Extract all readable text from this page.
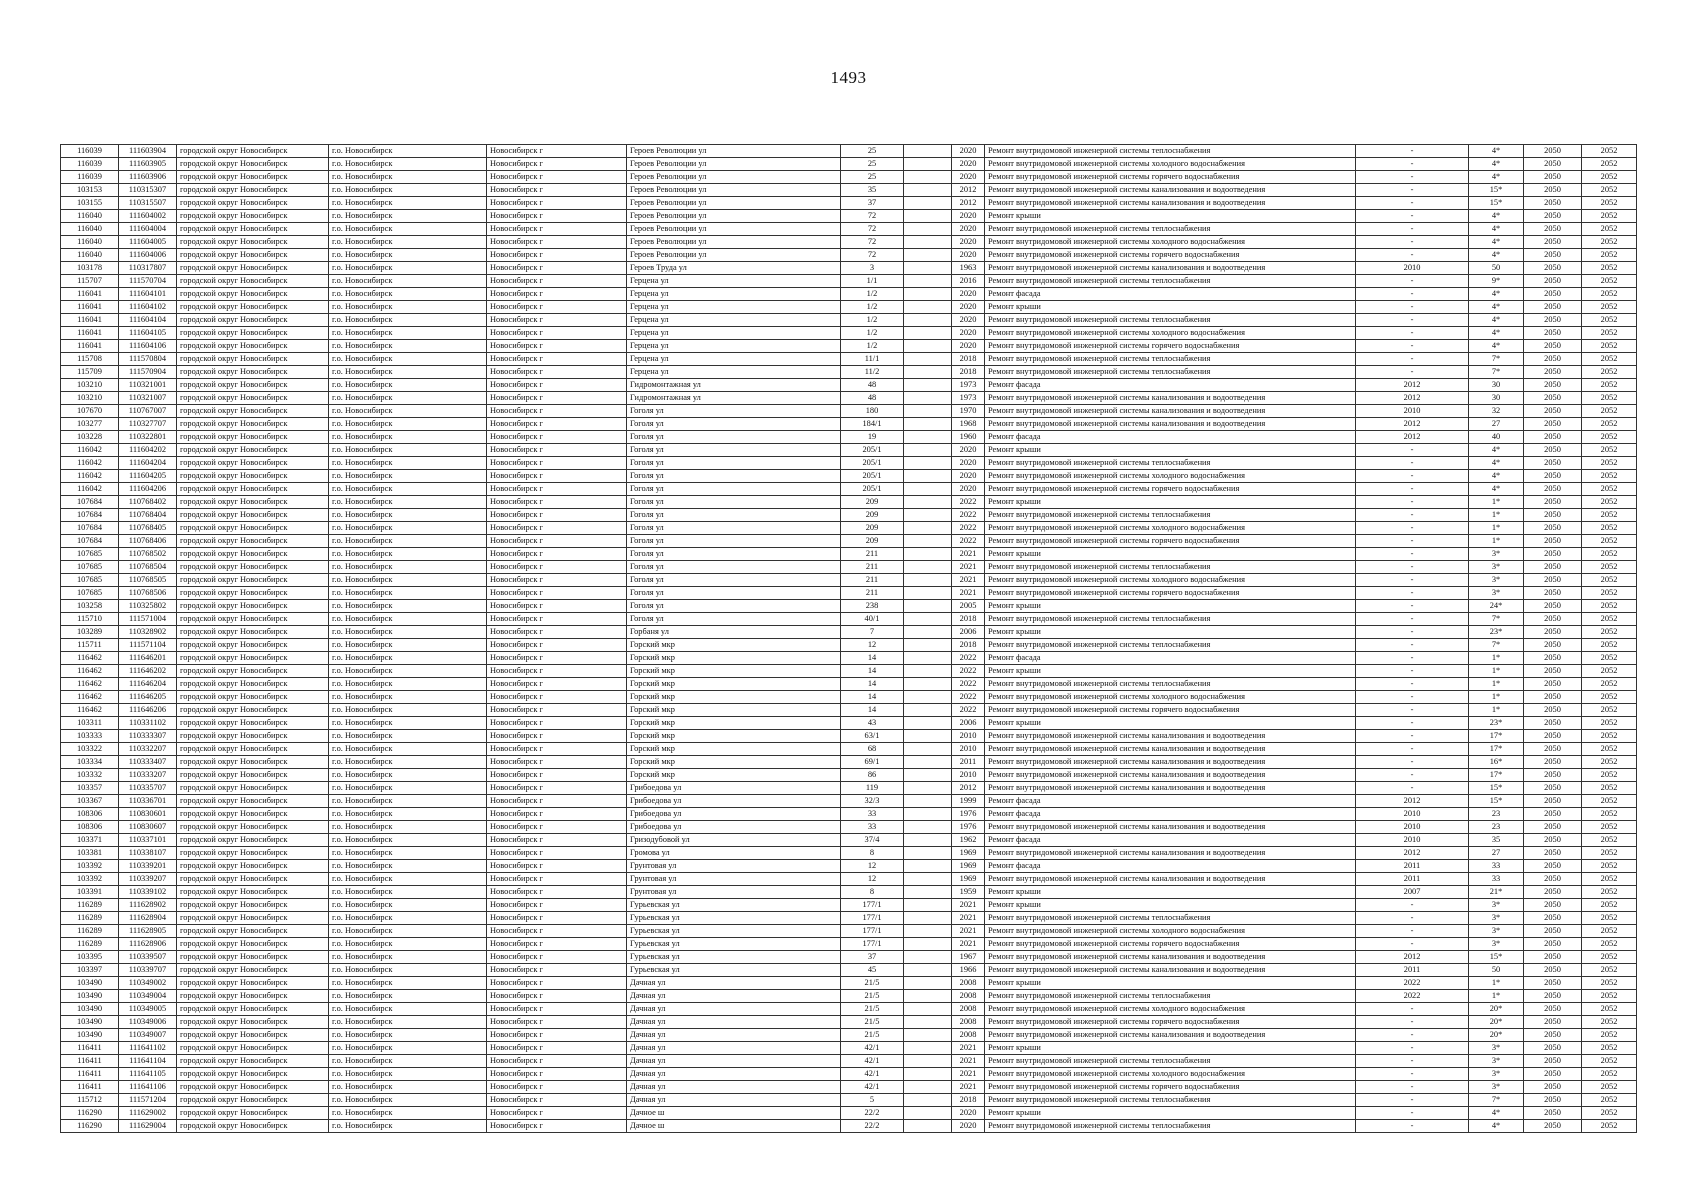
1493
116039	111603904	городской округ Новосибирск	г.о. Новосибирск	Новосибирск г	Героев Революции ул	25		2020	Ремонт внутридомовой инженерной системы теплоснабжения	-	4*	2050	2052
116039	111603905	городской округ Новосибирск	г.о. Новосибирск	Новосибирск г	Героев Революции ул	25		2020	Ремонт внутридомовой инженерной системы холодного водоснабжения	-	4*	2050	2052
116039	111603906	городской округ Новосибирск	г.о. Новосибирск	Новосибирск г	Героев Революции ул	25		2020	Ремонт внутридомовой инженерной системы горячего водоснабжения	-	4*	2050	2052
103153	110315307	городской округ Новосибирск	г.о. Новосибирск	Новосибирск г	Героев Революции ул	35		2012	Ремонт внутридомовой инженерной системы канализования и водоотведения	-	15*	2050	2052
103155	110315507	городской округ Новосибирск	г.о. Новосибирск	Новосибирск г	Героев Революции ул	37		2012	Ремонт внутридомовой инженерной системы канализования и водоотведения	-	15*	2050	2052
116040	111604002	городской округ Новосибирск	г.о. Новосибирск	Новосибирск г	Героев Революции ул	72		2020	Ремонт крыши	-	4*	2050	2052
116040	111604004	городской округ Новосибирск	г.о. Новосибирск	Новосибирск г	Героев Революции ул	72		2020	Ремонт внутридомовой инженерной системы теплоснабжения	-	4*	2050	2052
116040	111604005	городской округ Новосибирск	г.о. Новосибирск	Новосибирск г	Героев Революции ул	72		2020	Ремонт внутридомовой инженерной системы холодного водоснабжения	-	4*	2050	2052
116040	111604006	городской округ Новосибирск	г.о. Новосибирск	Новосибирск г	Героев Революции ул	72		2020	Ремонт внутридомовой инженерной системы горячего водоснабжения	-	4*	2050	2052
103178	110317807	городской округ Новосибирск	г.о. Новосибирск	Новосибирск г	Героев Труда ул	3		1963	Ремонт внутридомовой инженерной системы канализования и водоотведения	2010	50	2050	2052
115707	111570704	городской округ Новосибирск	г.о. Новосибирск	Новосибирск г	Герцена ул	1/1		2016	Ремонт внутридомовой инженерной системы теплоснабжения	-	9*	2050	2052
116041	111604101	городской округ Новосибирск	г.о. Новосибирск	Новосибирск г	Герцена ул	1/2		2020	Ремонт фасада	-	4*	2050	2052
116041	111604102	городской округ Новосибирск	г.о. Новосибирск	Новосибирск г	Герцена ул	1/2		2020	Ремонт крыши	-	4*	2050	2052
116041	111604104	городской округ Новосибирск	г.о. Новосибирск	Новосибирск г	Герцена ул	1/2		2020	Ремонт внутридомовой инженерной системы теплоснабжения	-	4*	2050	2052
116041	111604105	городской округ Новосибирск	г.о. Новосибирск	Новосибирск г	Герцена ул	1/2		2020	Ремонт внутридомовой инженерной системы холодного водоснабжения	-	4*	2050	2052
116041	111604106	городской округ Новосибирск	г.о. Новосибирск	Новосибирск г	Герцена ул	1/2		2020	Ремонт внутридомовой инженерной системы горячего водоснабжения	-	4*	2050	2052
115708	111570804	городской округ Новосибирск	г.о. Новосибирск	Новосибирск г	Герцена ул	11/1		2018	Ремонт внутридомовой инженерной системы теплоснабжения	-	7*	2050	2052
115709	111570904	городской округ Новосибирск	г.о. Новосибирск	Новосибирск г	Герцена ул	11/2		2018	Ремонт внутридомовой инженерной системы теплоснабжения	-	7*	2050	2052
103210	110321001	городской округ Новосибирск	г.о. Новосибирск	Новосибирск г	Гидромонтажная ул	48		1973	Ремонт фасада	2012	30	2050	2052
103210	110321007	городской округ Новосибирск	г.о. Новосибирск	Новосибирск г	Гидромонтажная ул	48		1973	Ремонт внутридомовой инженерной системы канализования и водоотведения	2012	30	2050	2052
107670	110767007	городской округ Новосибирск	г.о. Новосибирск	Новосибирск г	Гоголя ул	180		1970	Ремонт внутридомовой инженерной системы канализования и водоотведения	2010	32	2050	2052
103277	110327707	городской округ Новосибирск	г.о. Новосибирск	Новосибирск г	Гоголя ул	184/1		1968	Ремонт внутридомовой инженерной системы канализования и водоотведения	2012	27	2050	2052
103228	110322801	городской округ Новосибирск	г.о. Новосибирск	Новосибирск г	Гоголя ул	19		1960	Ремонт фасада	2012	40	2050	2052
116042	111604202	городской округ Новосибирск	г.о. Новосибирск	Новосибирск г	Гоголя ул	205/1		2020	Ремонт крыши	-	4*	2050	2052
116042	111604204	городской округ Новосибирск	г.о. Новосибирск	Новосибирск г	Гоголя ул	205/1		2020	Ремонт внутридомовой инженерной системы теплоснабжения	-	4*	2050	2052
116042	111604205	городской округ Новосибирск	г.о. Новосибирск	Новосибирск г	Гоголя ул	205/1		2020	Ремонт внутридомовой инженерной системы холодного водоснабжения	-	4*	2050	2052
116042	111604206	городской округ Новосибирск	г.о. Новосибирск	Новосибирск г	Гоголя ул	205/1		2020	Ремонт внутридомовой инженерной системы горячего водоснабжения	-	4*	2050	2052
107684	110768402	городской округ Новосибирск	г.о. Новосибирск	Новосибирск г	Гоголя ул	209		2022	Ремонт крыши	-	1*	2050	2052
107684	110768404	городской округ Новосибирск	г.о. Новосибирск	Новосибирск г	Гоголя ул	209		2022	Ремонт внутридомовой инженерной системы теплоснабжения	-	1*	2050	2052
107684	110768405	городской округ Новосибирск	г.о. Новосибирск	Новосибирск г	Гоголя ул	209		2022	Ремонт внутридомовой инженерной системы холодного водоснабжения	-	1*	2050	2052
107684	110768406	городской округ Новосибирск	г.о. Новосибирск	Новосибирск г	Гоголя ул	209		2022	Ремонт внутридомовой инженерной системы горячего водоснабжения	-	1*	2050	2052
107685	110768502	городской округ Новосибирск	г.о. Новосибирск	Новосибирск г	Гоголя ул	211		2021	Ремонт крыши	-	3*	2050	2052
107685	110768504	городской округ Новосибирск	г.о. Новосибирск	Новосибирск г	Гоголя ул	211		2021	Ремонт внутридомовой инженерной системы теплоснабжения	-	3*	2050	2052
107685	110768505	городской округ Новосибирск	г.о. Новосибирск	Новосибирск г	Гоголя ул	211		2021	Ремонт внутридомовой инженерной системы холодного водоснабжения	-	3*	2050	2052
107685	110768506	городской округ Новосибирск	г.о. Новосибирск	Новосибирск г	Гоголя ул	211		2021	Ремонт внутридомовой инженерной системы горячего водоснабжения	-	3*	2050	2052
103258	110325802	городской округ Новосибирск	г.о. Новосибирск	Новосибирск г	Гоголя ул	238		2005	Ремонт крыши	-	24*	2050	2052
115710	111571004	городской округ Новосибирск	г.о. Новосибирск	Новосибирск г	Гоголя ул	40/1		2018	Ремонт внутридомовой инженерной системы теплоснабжения	-	7*	2050	2052
103289	110328902	городской округ Новосибирск	г.о. Новосибирск	Новосибирск г	Горбаня ул	7		2006	Ремонт крыши	-	23*	2050	2052
115711	111571104	городской округ Новосибирск	г.о. Новосибирск	Новосибирск г	Горский мкр	12		2018	Ремонт внутридомовой инженерной системы теплоснабжения	-	7*	2050	2052
116462	111646201	городской округ Новосибирск	г.о. Новосибирск	Новосибирск г	Горский мкр	14		2022	Ремонт фасада	-	1*	2050	2052
116462	111646202	городской округ Новосибирск	г.о. Новосибирск	Новосибирск г	Горский мкр	14		2022	Ремонт крыши	-	1*	2050	2052
116462	111646204	городской округ Новосибирск	г.о. Новосибирск	Новосибирск г	Горский мкр	14		2022	Ремонт внутридомовой инженерной системы теплоснабжения	-	1*	2050	2052
116462	111646205	городской округ Новосибирск	г.о. Новосибирск	Новосибирск г	Горский мкр	14		2022	Ремонт внутридомовой инженерной системы холодного водоснабжения	-	1*	2050	2052
116462	111646206	городской округ Новосибирск	г.о. Новосибирск	Новосибирск г	Горский мкр	14		2022	Ремонт внутридомовой инженерной системы горячего водоснабжения	-	1*	2050	2052
103311	110331102	городской округ Новосибирск	г.о. Новосибирск	Новосибирск г	Горский мкр	43		2006	Ремонт крыши	-	23*	2050	2052
103333	110333307	городской округ Новосибирск	г.о. Новосибирск	Новосибирск г	Горский мкр	63/1		2010	Ремонт внутридомовой инженерной системы канализования и водоотведения	-	17*	2050	2052
103322	110332207	городской округ Новосибирск	г.о. Новосибирск	Новосибирск г	Горский мкр	68		2010	Ремонт внутридомовой инженерной системы канализования и водоотведения	-	17*	2050	2052
103334	110333407	городской округ Новосибирск	г.о. Новосибирск	Новосибирск г	Горский мкр	69/1		2011	Ремонт внутридомовой инженерной системы канализования и водоотведения	-	16*	2050	2052
103332	110333207	городской округ Новосибирск	г.о. Новосибирск	Новосибирск г	Горский мкр	86		2010	Ремонт внутридомовой инженерной системы канализования и водоотведения	-	17*	2050	2052
103357	110335707	городской округ Новосибирск	г.о. Новосибирск	Новосибирск г	Грибоедова ул	119		2012	Ремонт внутридомовой инженерной системы канализования и водоотведения	-	15*	2050	2052
103367	110336701	городской округ Новосибирск	г.о. Новосибирск	Новосибирск г	Грибоедова ул	32/3		1999	Ремонт фасада	2012	15*	2050	2052
108306	110830601	городской округ Новосибирск	г.о. Новосибирск	Новосибирск г	Грибоедова ул	33		1976	Ремонт фасада	2010	23	2050	2052
108306	110830607	городской округ Новосибирск	г.о. Новосибирск	Новосибирск г	Грибоедова ул	33		1976	Ремонт внутридомовой инженерной системы канализования и водоотведения	2010	23	2050	2052
103371	110337101	городской округ Новосибирск	г.о. Новосибирск	Новосибирск г	Гризодубовой ул	37/4		1962	Ремонт фасада	2010	35	2050	2052
103381	110338107	городской округ Новосибирск	г.о. Новосибирск	Новосибирск г	Громова ул	8		1969	Ремонт внутридомовой инженерной системы канализования и водоотведения	2012	27	2050	2052
103392	110339201	городской округ Новосибирск	г.о. Новосибирск	Новосибирск г	Грунтовая ул	12		1969	Ремонт фасада	2011	33	2050	2052
103392	110339207	городской округ Новосибирск	г.о. Новосибирск	Новосибирск г	Грунтовая ул	12		1969	Ремонт внутридомовой инженерной системы канализования и водоотведения	2011	33	2050	2052
103391	110339102	городской округ Новосибирск	г.о. Новосибирск	Новосибирск г	Грунтовая ул	8		1959	Ремонт крыши	2007	21*	2050	2052
116289	111628902	городской округ Новосибирск	г.о. Новосибирск	Новосибирск г	Гурьевская ул	177/1		2021	Ремонт крыши	-	3*	2050	2052
116289	111628904	городской округ Новосибирск	г.о. Новосибирск	Новосибирск г	Гурьевская ул	177/1		2021	Ремонт внутридомовой инженерной системы теплоснабжения	-	3*	2050	2052
116289	111628905	городской округ Новосибирск	г.о. Новосибирск	Новосибирск г	Гурьевская ул	177/1		2021	Ремонт внутридомовой инженерной системы холодного водоснабжения	-	3*	2050	2052
116289	111628906	городской округ Новосибирск	г.о. Новосибирск	Новосибирск г	Гурьевская ул	177/1		2021	Ремонт внутридомовой инженерной системы горячего водоснабжения	-	3*	2050	2052
103395	110339507	городской округ Новосибирск	г.о. Новосибирск	Новосибирск г	Гурьевская ул	37		1967	Ремонт внутридомовой инженерной системы канализования и водоотведения	2012	15*	2050	2052
103397	110339707	городской округ Новосибирск	г.о. Новосибирск	Новосибирск г	Гурьевская ул	45		1966	Ремонт внутридомовой инженерной системы канализования и водоотведения	2011	50	2050	2052
103490	110349002	городской округ Новосибирск	г.о. Новосибирск	Новосибирск г	Дачная ул	21/5		2008	Ремонт крыши	2022	1*	2050	2052
103490	110349004	городской округ Новосибирск	г.о. Новосибирск	Новосибирск г	Дачная ул	21/5		2008	Ремонт внутридомовой инженерной системы теплоснабжения	2022	1*	2050	2052
103490	110349005	городской округ Новосибирск	г.о. Новосибирск	Новосибирск г	Дачная ул	21/5		2008	Ремонт внутридомовой инженерной системы холодного водоснабжения	-	20*	2050	2052
103490	110349006	городской округ Новосибирск	г.о. Новосибирск	Новосибирск г	Дачная ул	21/5		2008	Ремонт внутридомовой инженерной системы горячего водоснабжения	-	20*	2050	2052
103490	110349007	городской округ Новосибирск	г.о. Новосибирск	Новосибирск г	Дачная ул	21/5		2008	Ремонт внутридомовой инженерной системы канализования и водоотведения	-	20*	2050	2052
116411	111641102	городской округ Новосибирск	г.о. Новосибирск	Новосибирск г	Дачная ул	42/1		2021	Ремонт крыши	-	3*	2050	2052
116411	111641104	городской округ Новосибирск	г.о. Новосибирск	Новосибирск г	Дачная ул	42/1		2021	Ремонт внутридомовой инженерной системы теплоснабжения	-	3*	2050	2052
116411	111641105	городской округ Новосибирск	г.о. Новосибирск	Новосибирск г	Дачная ул	42/1		2021	Ремонт внутридомовой инженерной системы холодного водоснабжения	-	3*	2050	2052
116411	111641106	городской округ Новосибирск	г.о. Новосибирск	Новосибирск г	Дачная ул	42/1		2021	Ремонт внутридомовой инженерной системы горячего водоснабжения	-	3*	2050	2052
115712	111571204	городской округ Новосибирск	г.о. Новосибирск	Новосибирск г	Дачная ул	5		2018	Ремонт внутридомовой инженерной системы теплоснабжения	-	7*	2050	2052
116290	111629002	городской округ Новосибирск	г.о. Новосибирск	Новосибирск г	Дачное ш	22/2		2020	Ремонт крыши	-	4*	2050	2052
116290	111629004	городской округ Новосибирск	г.о. Новосибирск	Новосибирск г	Дачное ш	22/2		2020	Ремонт внутридомовой инженерной системы теплоснабжения	-	4*	2050	2052
